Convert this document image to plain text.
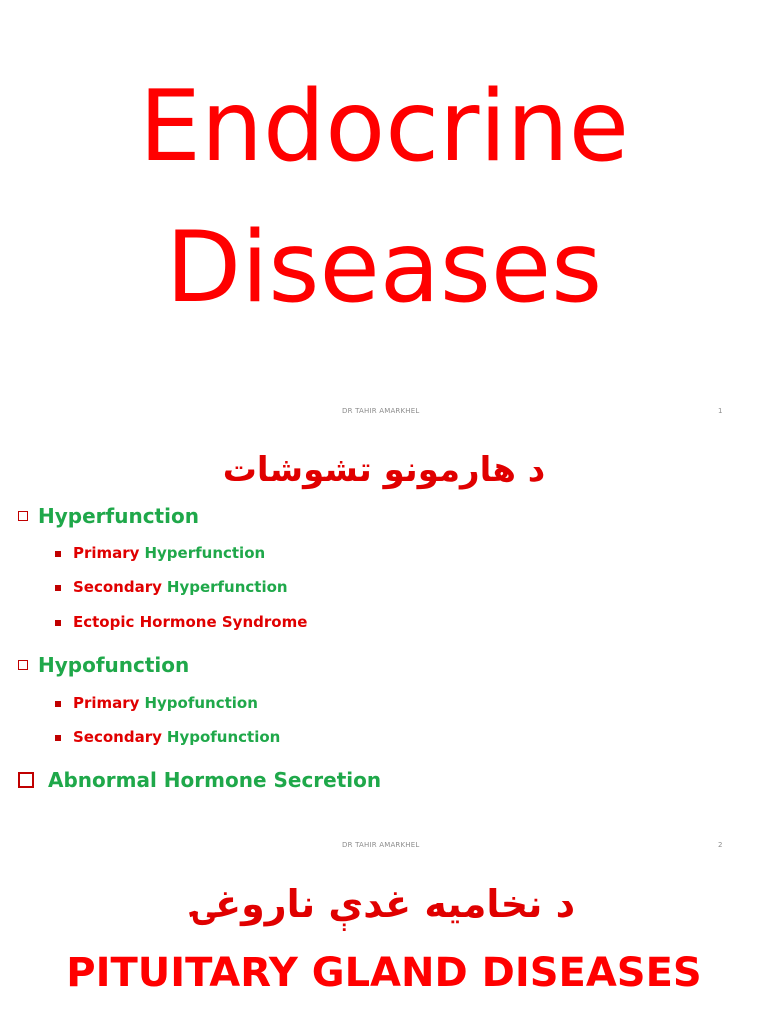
Endocrine
Diseases
DR TAHIR AMARKHEL	1
د هارمونو تشوشات
Hyperfunction
Primary Hyperfunction
Secondary Hyperfunction
Ectopic Hormone Syndrome
Hypofunction
Primary Hypofunction
Secondary Hypofunction
Abnormal Hormone Secretion
DR TAHIR AMARKHEL	2
د نخامیه غدې ناروغۍ
PITUITARY GLAND DISEASES
